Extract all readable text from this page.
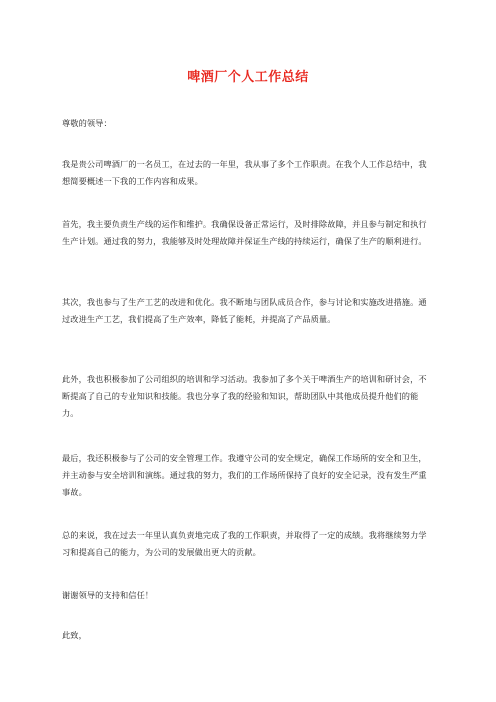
啤酒厂个人工作总结

尊敬的领导：

我是贵公司啤酒厂的一名员工，在过去的一年里，我从事了多个工作职责。在我个人工作总结中，我想简要概述一下我的工作内容和成果。

首先，我主要负责生产线的运作和维护。我确保设备正常运行，及时排除故障，并且参与制定和执行生产计划。通过我的努力，我能够及时处理故障并保证生产线的持续运行，确保了生产的顺利进行。

其次，我也参与了生产工艺的改进和优化。我不断地与团队成员合作，参与讨论和实施改进措施。通过改进生产工艺，我们提高了生产效率，降低了能耗，并提高了产品质量。

此外，我也积极参加了公司组织的培训和学习活动。我参加了多个关于啤酒生产的培训和研讨会，不断提高了自己的专业知识和技能。我也分享了我的经验和知识，帮助团队中其他成员提升他们的能力。

最后，我还积极参与了公司的安全管理工作。我遵守公司的安全规定，确保工作场所的安全和卫生，并主动参与安全培训和演练。通过我的努力，我们的工作场所保持了良好的安全记录，没有发生严重事故。

总的来说，我在过去一年里认真负责地完成了我的工作职责，并取得了一定的成绩。我将继续努力学习和提高自己的能力，为公司的发展做出更大的贡献。

谢谢领导的支持和信任！

此致，
